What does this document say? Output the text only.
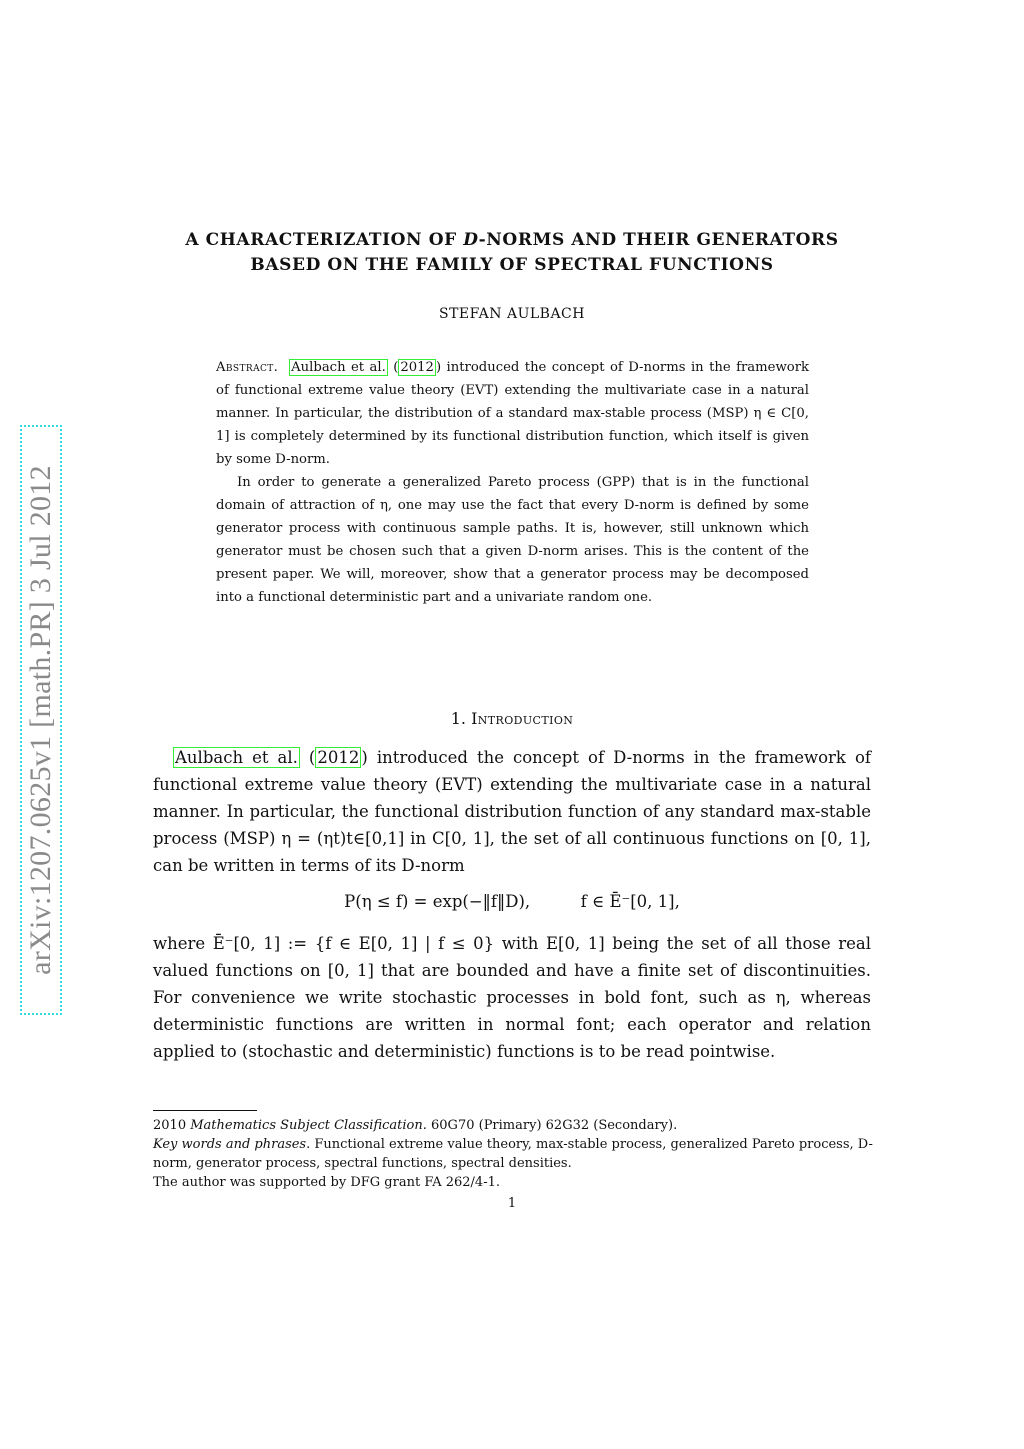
arXiv:1207.0625v1 [math.PR] 3 Jul 2012
A CHARACTERIZATION OF D-NORMS AND THEIR GENERATORS
BASED ON THE FAMILY OF SPECTRAL FUNCTIONS
STEFAN AULBACH

Abstract. Aulbach et al. ( 2012 ) introduced the concept of D-norms in the framework of functional extreme value theory (EVT) extending the multivariate case in a natural manner. In particular, the distribution of a standard max-stable process (MSP) η ∈ C[0, 1] is completely determined by its functional distribution function, which itself is given by some D-norm.

In order to generate a generalized Pareto process (GPP) that is in the functional domain of attraction of η, one may use the fact that every D-norm is defined by some generator process with continuous sample paths. It is, however, still unknown which generator must be chosen such that a given D-norm arises. This is the content of the present paper. We will, moreover, show that a generator process may be decomposed into a functional deterministic part and a univariate random one.

1. Introduction

Aulbach et al. ( 2012 ) introduced the concept of D-norms in the framework of functional extreme value theory (EVT) extending the multivariate case in a natural manner. In particular, the functional distribution function of any standard max-stable process (MSP) η = (ηt)t∈[0,1] in C[0, 1], the set of all continuous functions on [0, 1], can be written in terms of its D-norm

P(η ≤ f) = exp(−‖f‖D),	f ∈ Ē⁻[0, 1],

where Ē⁻[0, 1] := {f ∈ E[0, 1] | f ≤ 0} with E[0, 1] being the set of all those real valued functions on [0, 1] that are bounded and have a finite set of discontinuities. For convenience we write stochastic processes in bold font, such as η, whereas deterministic functions are written in normal font; each operator and relation applied to (stochastic and deterministic) functions is to be read pointwise.

2010 Mathematics Subject Classification. 60G70 (Primary) 62G32 (Secondary).

Key words and phrases. Functional extreme value theory, max-stable process, generalized Pareto process, D-norm, generator process, spectral functions, spectral densities.

The author was supported by DFG grant FA 262/4-1.

1
